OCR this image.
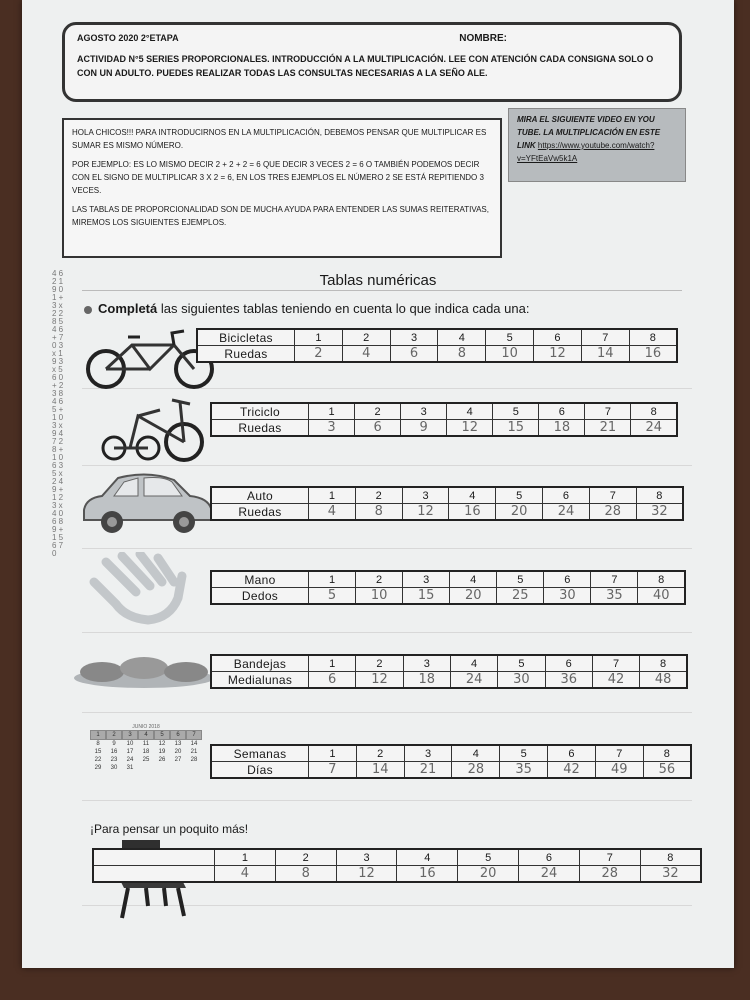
AGOSTO 2020 2°ETAPA	NOMBRE:
ACTIVIDAD N°5 SERIES PROPORCIONALES. INTRODUCCIÓN A LA MULTIPLICACIÓN. LEE CON ATENCIÓN CADA CONSIGNA SOLO O CON UN ADULTO. PUEDES REALIZAR TODAS LAS CONSULTAS NECESARIAS A LA SEÑO ALE.

HOLA CHICOS!!! PARA INTRODUCIRNOS EN LA MULTIPLICACIÓN, DEBEMOS PENSAR QUE MULTIPLICAR ES SUMAR ES MISMO NÚMERO.

POR EJEMPLO: ES LO MISMO DECIR 2 + 2 + 2 = 6 QUE DECIR 3 VECES 2 = 6 O TAMBIÉN PODEMOS DECIR CON EL SIGNO DE MULTIPLICAR 3 X 2 = 6, EN LOS TRES EJEMPLOS EL NÚMERO 2 SE ESTÁ REPITIENDO 3 VECES.

LAS TABLAS DE PROPORCIONALIDAD SON DE MUCHA AYUDA PARA ENTENDER LAS SUMAS REITERATIVAS, MIREMOS LOS SIGUIENTES EJEMPLOS.

MIRA EL SIGUIENTE VIDEO EN YOU TUBE. LA MULTIPLICACIÓN EN ESTE LINK https://www.youtube.com/watch?v=YFtEaVw5k1A
4 6 2 1 9 0 1 + 3 x 2 2 8 5 4 6 + 7 0 3 x 1 9 3 x 5 6 0 + 2 3 8 4 6 5 + 1 0 3 x 9 4 7 2 8 + 1 0 6 3 5 x 2 4 9 + 1 2 3 x 4 0 6 8 9 + 1 5 6 7 0
Tablas numéricas
Completá las siguientes tablas teniendo en cuenta lo que indica cada una:
JUNIO 2018
1	2	3	4	5	6	7
8	9	10	11	12	13	14
15	16	17	18	19	20	21
22	23	24	25	26	27	28
29	30	31
¡Para pensar un poquito más!
Bicicletas	1	2	3	4	5	6	7	8
Ruedas	2	4	6	8	10	12	14	16
Triciclo	1	2	3	4	5	6	7	8
Ruedas	3	6	9	12	15	18	21	24
Auto	1	2	3	4	5	6	7	8
Ruedas	4	8	12	16	20	24	28	32
Mano	1	2	3	4	5	6	7	8
Dedos	5	10	15	20	25	30	35	40
Bandejas	1	2	3	4	5	6	7	8
Medialunas	6	12	18	24	30	36	42	48
Semanas	1	2	3	4	5	6	7	8
Días	7	14	21	28	35	42	49	56
	1	2	3	4	5	6	7	8
	4	8	12	16	20	24	28	32
